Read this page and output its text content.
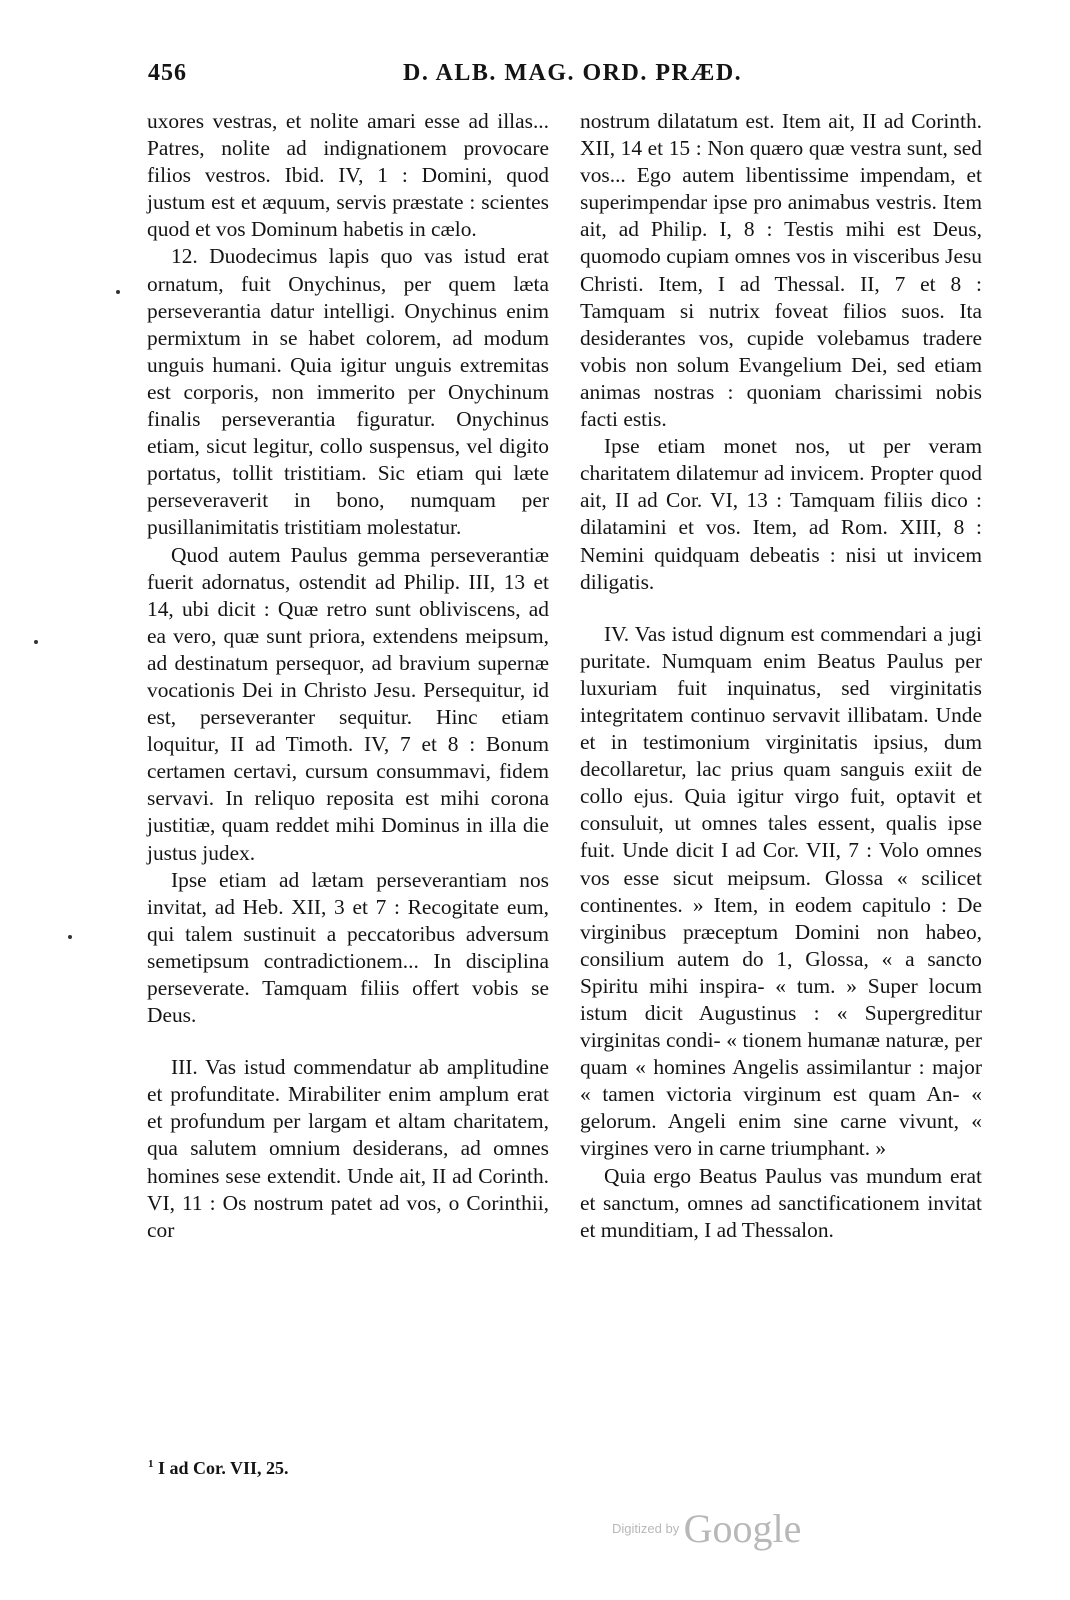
456	D. ALB. MAG. ORD. PRÆD.

uxores vestras, et nolite amari esse ad illas... Patres, nolite ad indignationem provocare filios vestros. Ibid. IV, 1 : Domini, quod justum est et æquum, servis præstate : scientes quod et vos Dominum habetis in cælo.

12. Duodecimus lapis quo vas istud erat ornatum, fuit Onychinus, per quem læta perseverantia datur intelligi. Onychinus enim permixtum in se habet colorem, ad modum unguis humani. Quia igitur unguis extremitas est corporis, non immerito per Onychinum finalis perseverantia figuratur. Onychinus etiam, sicut legitur, collo suspensus, vel digito portatus, tollit tristitiam. Sic etiam qui læte perseveraverit in bono, numquam per pusillanimitatis tristitiam molestatur.

Quod autem Paulus gemma perseverantiæ fuerit adornatus, ostendit ad Philip. III, 13 et 14, ubi dicit : Quæ retro sunt obliviscens, ad ea vero, quæ sunt priora, extendens meipsum, ad destinatum persequor, ad bravium supernæ vocationis Dei in Christo Jesu. Persequitur, id est, perseveranter sequitur. Hinc etiam loquitur, II ad Timoth. IV, 7 et 8 : Bonum certamen certavi, cursum consummavi, fidem servavi. In reliquo reposita est mihi corona justitiæ, quam reddet mihi Dominus in illa die justus judex.

Ipse etiam ad lætam perseverantiam nos invitat, ad Heb. XII, 3 et 7 : Recogitate eum, qui talem sustinuit a peccatoribus adversum semetipsum contradictionem... In disciplina perseverate. Tamquam filiis offert vobis se Deus.

III. Vas istud commendatur ab amplitudine et profunditate. Mirabiliter enim amplum erat et profundum per largam et altam charitatem, qua salutem omnium desiderans, ad omnes homines sese extendit. Unde ait, II ad Corinth. VI, 11 : Os nostrum patet ad vos, o Corinthii, cor

nostrum dilatatum est. Item ait, II ad Corinth. XII, 14 et 15 : Non quæro quæ vestra sunt, sed vos... Ego autem libentissime impendam, et superimpendar ipse pro animabus vestris. Item ait, ad Philip. I, 8 : Testis mihi est Deus, quomodo cupiam omnes vos in visceribus Jesu Christi. Item, I ad Thessal. II, 7 et 8 : Tamquam si nutrix foveat filios suos. Ita desiderantes vos, cupide volebamus tradere vobis non solum Evangelium Dei, sed etiam animas nostras : quoniam charissimi nobis facti estis.

Ipse etiam monet nos, ut per veram charitatem dilatemur ad invicem. Propter quod ait, II ad Cor. VI, 13 : Tamquam filiis dico : dilatamini et vos. Item, ad Rom. XIII, 8 : Nemini quidquam debeatis : nisi ut invicem diligatis.

IV. Vas istud dignum est commendari a jugi puritate. Numquam enim Beatus Paulus per luxuriam fuit inquinatus, sed virginitatis integritatem continuo servavit illibatam. Unde et in testimonium virginitatis ipsius, dum decollaretur, lac prius quam sanguis exiit de collo ejus. Quia igitur virgo fuit, optavit et consuluit, ut omnes tales essent, qualis ipse fuit. Unde dicit I ad Cor. VII, 7 : Volo omnes vos esse sicut meipsum. Glossa « scilicet continentes. » Item, in eodem capitulo : De virginibus præceptum Domini non habeo, consilium autem do 1, Glossa, « a sancto Spiritu mihi inspira- « tum. » Super locum istum dicit Augustinus : « Supergreditur virginitas condi- « tionem humanæ naturæ, per quam « homines Angelis assimilantur : major « tamen victoria virginum est quam An- « gelorum. Angeli enim sine carne vivunt, « virgines vero in carne triumphant. »

Quia ergo Beatus Paulus vas mundum erat et sanctum, omnes ad sanctificationem invitat et munditiam, I ad Thessalon.

$^1$ I ad Cor. VII, 25.
Digitized by Google
